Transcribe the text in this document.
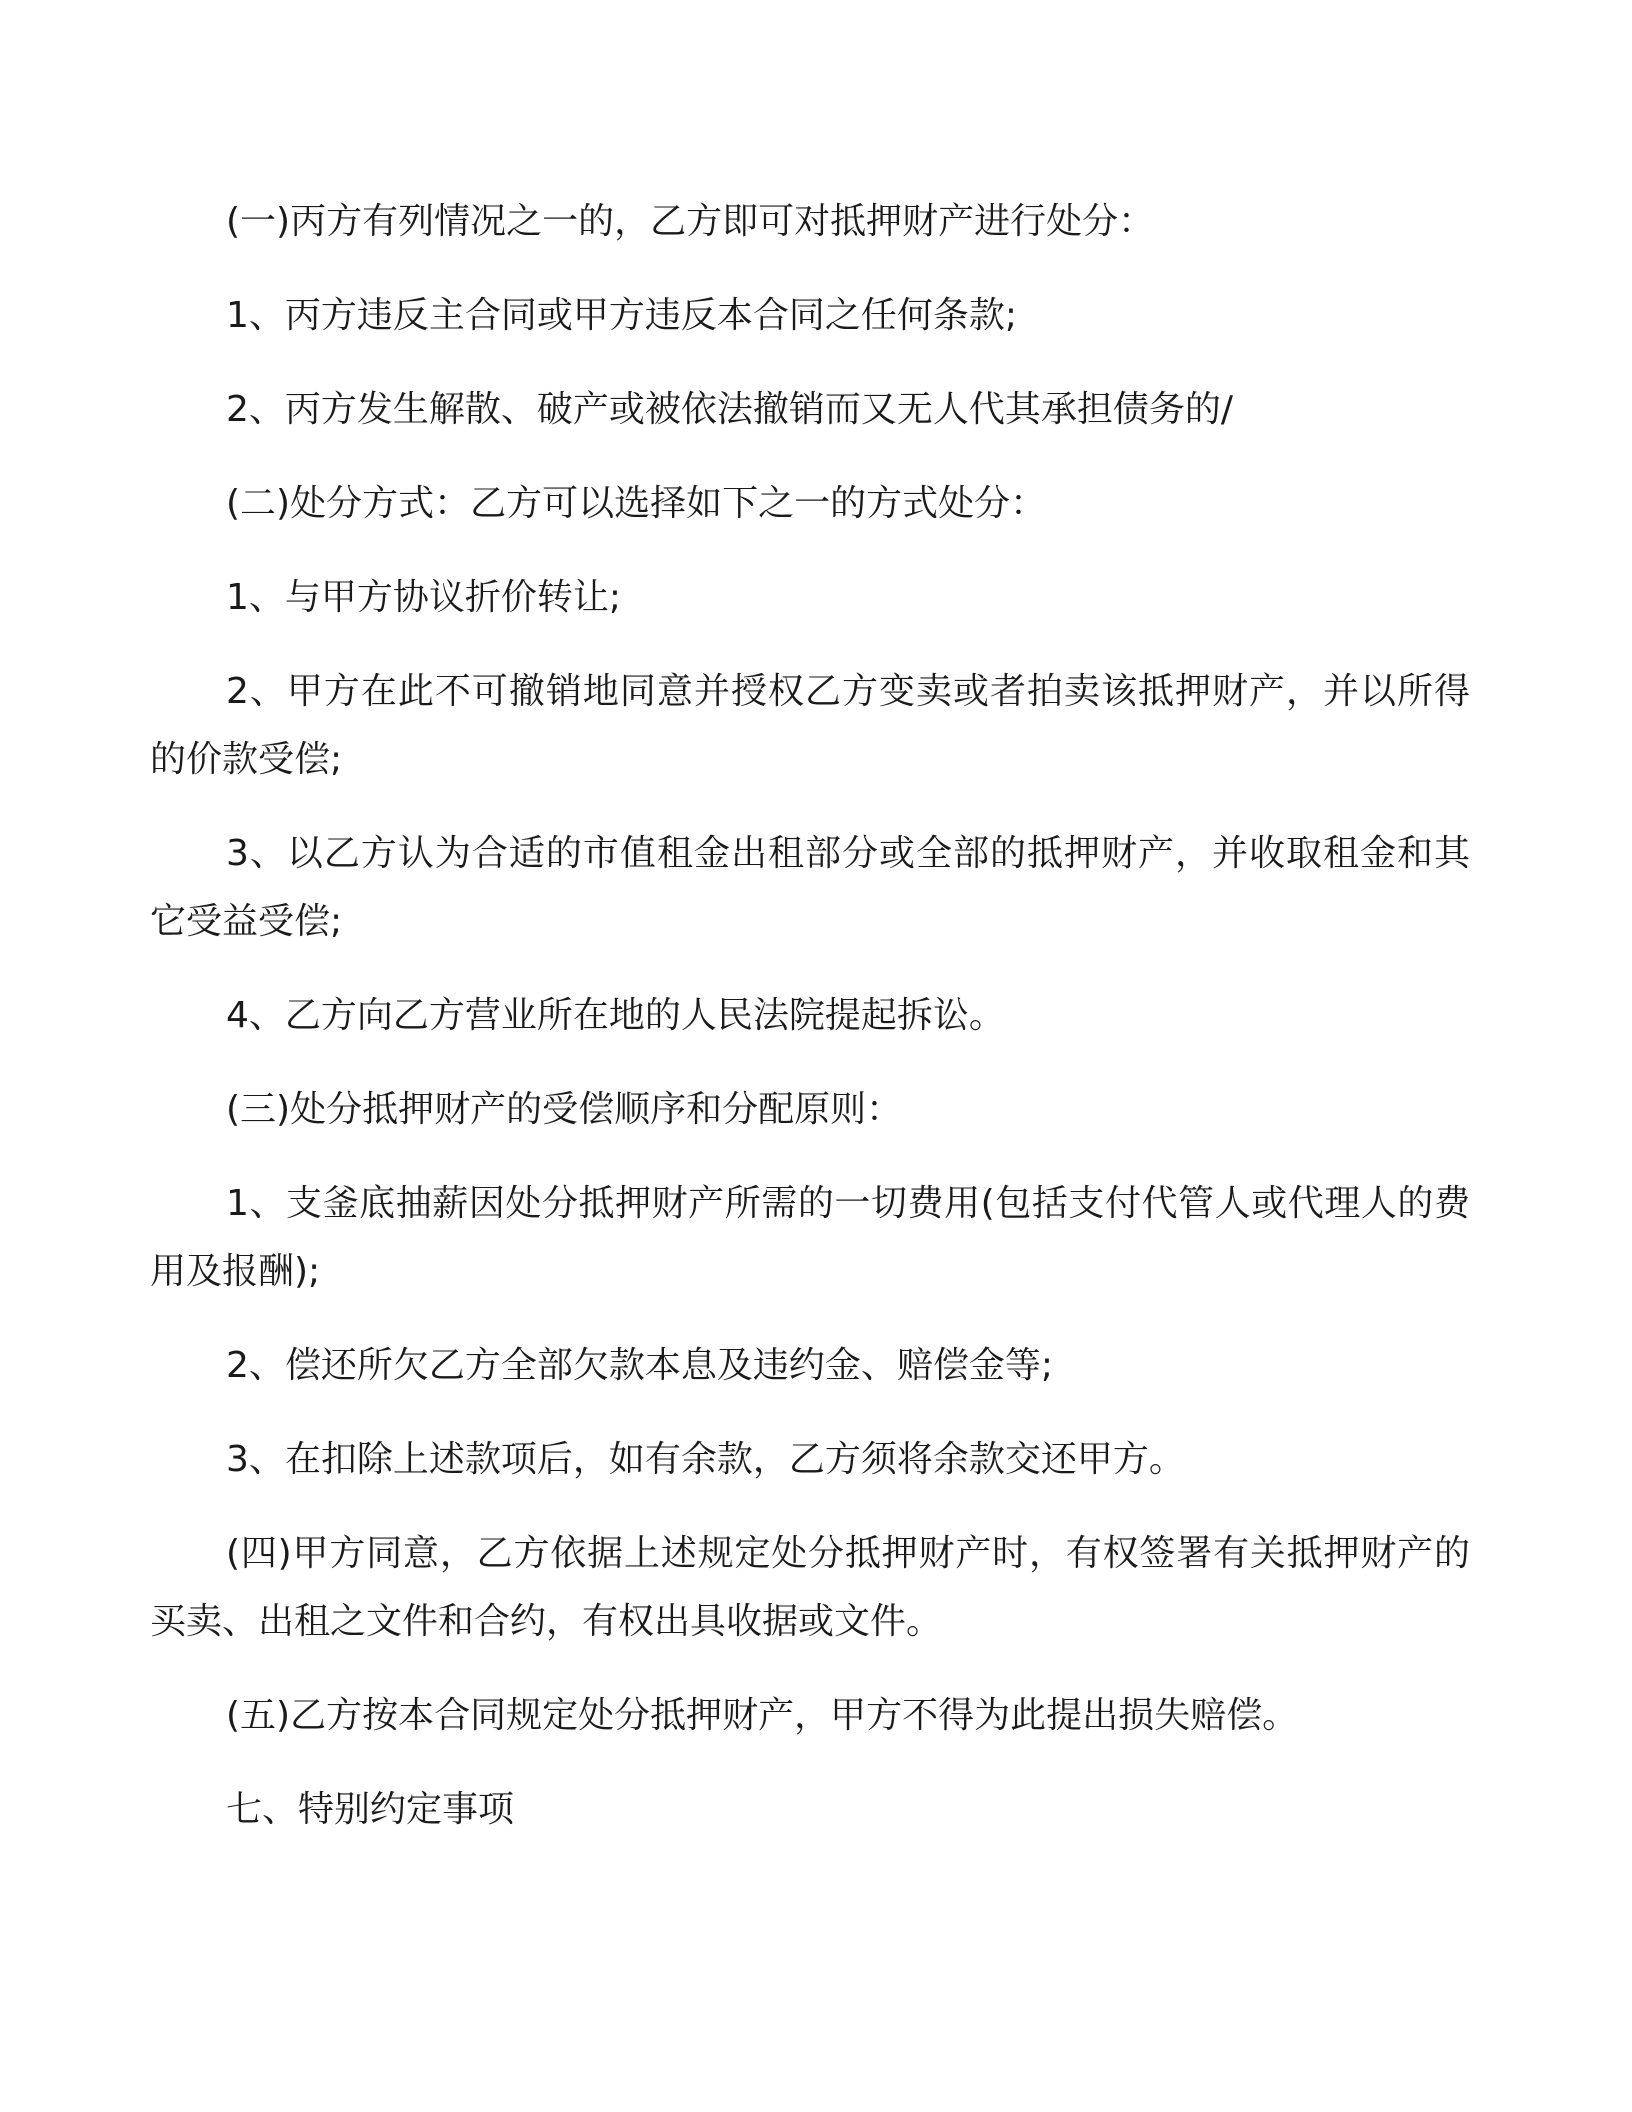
(一)丙方有列情况之一的，乙方即可对抵押财产进行处分：

1、丙方违反主合同或甲方违反本合同之任何条款;

2、丙方发生解散、破产或被依法撤销而又无人代其承担债务的/

(二)处分方式：乙方可以选择如下之一的方式处分：

1、与甲方协议折价转让;

2、甲方在此不可撤销地同意并授权乙方变卖或者拍卖该抵押财产，并以所得的价款受偿;

3、以乙方认为合适的市值租金出租部分或全部的抵押财产，并收取租金和其它受益受偿;

4、乙方向乙方营业所在地的人民法院提起拆讼。

(三)处分抵押财产的受偿顺序和分配原则：

1、支釜底抽薪因处分抵押财产所需的一切费用(包括支付代管人或代理人的费用及报酬);

2、偿还所欠乙方全部欠款本息及违约金、赔偿金等;

3、在扣除上述款项后，如有余款，乙方须将余款交还甲方。

(四)甲方同意，乙方依据上述规定处分抵押财产时，有权签署有关抵押财产的买卖、出租之文件和合约，有权出具收据或文件。

(五)乙方按本合同规定处分抵押财产，甲方不得为此提出损失赔偿。

七、特别约定事项
